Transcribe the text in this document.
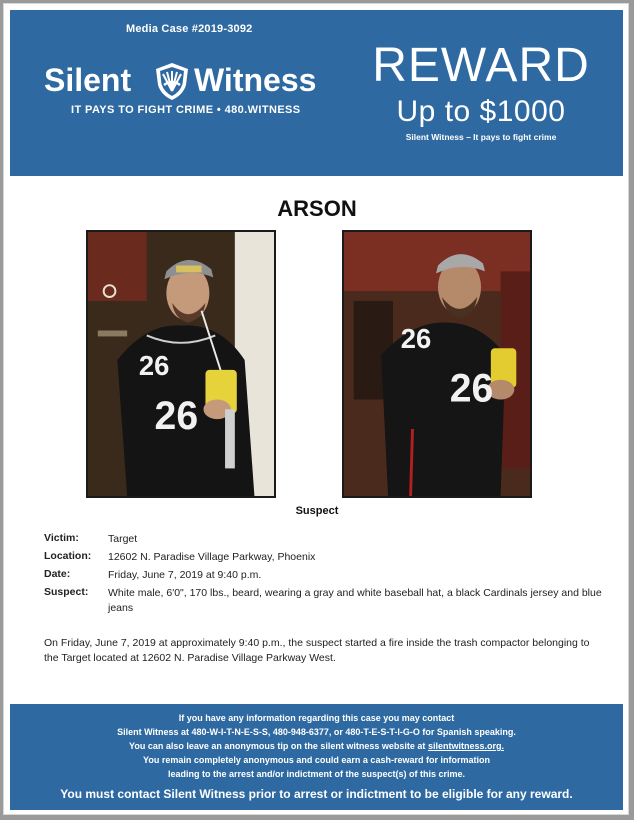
Media Case #2019-3092
Silent Witness
IT PAYS TO FIGHT CRIME • 480.WITNESS
REWARD
Up to $1000
Silent Witness – It pays to fight crime
ARSON
26
26
26
26
Suspect
Victim:	Target
Location:	12602 N. Paradise Village Parkway, Phoenix
Date:	Friday, June 7, 2019 at 9:40 p.m.
Suspect:	White male, 6'0", 170 lbs., beard, wearing a gray and white baseball hat, a black Cardinals jersey and blue jeans
On Friday, June 7, 2019 at approximately 9:40 p.m., the suspect started a fire inside the trash compactor belonging to the Target located at 12602 N. Paradise Village Parkway West.
If you have any information regarding this case you may contact
Silent Witness at 480-W-I-T-N-E-S-S, 480-948-6377, or 480-T-E-S-T-I-G-O for Spanish speaking.
You can also leave an anonymous tip on the silent witness website at silentwitness.org.
You remain completely anonymous and could earn a cash-reward for information
leading to the arrest and/or indictment of the suspect(s) of this crime.
You must contact Silent Witness prior to arrest or indictment to be eligible for any reward.
